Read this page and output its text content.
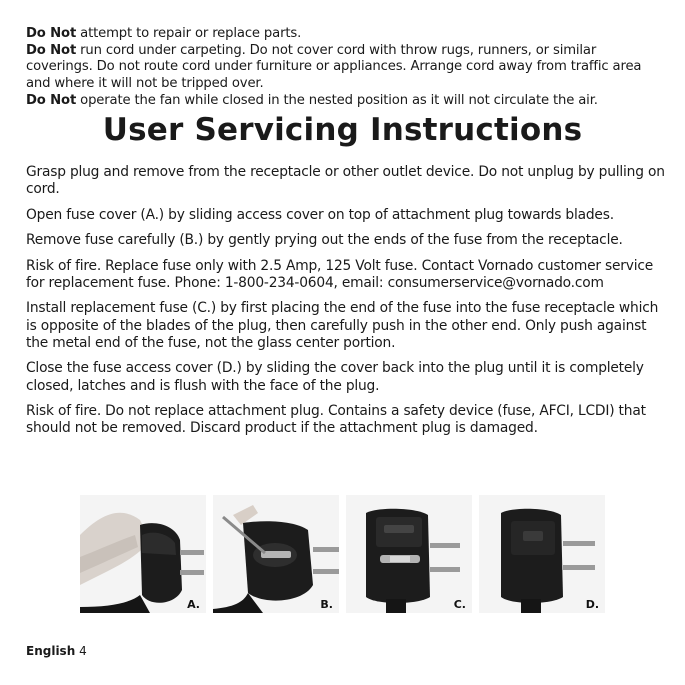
Do Not attempt to repair or replace parts.

Do Not run cord under carpeting. Do not cover cord with throw rugs, runners, or similar coverings. Do not route cord under furniture or appliances. Arrange cord away from traffic area and where it will not be tripped over.

Do Not operate the fan while closed in the nested position as it will not circulate the air.

User Servicing Instructions

Grasp plug and remove from the receptacle or other outlet device. Do not unplug by pulling on cord.

Open fuse cover (A.) by sliding access cover on top of attachment plug towards blades.

Remove fuse carefully (B.) by gently prying out the ends of the fuse from the receptacle.

Risk of fire. Replace fuse only with 2.5 Amp, 125 Volt fuse. Contact Vornado customer service for replacement fuse. Phone: 1-800-234-0604, email: consumerservice@vornado.com

Install replacement fuse (C.) by first placing the end of the fuse into the fuse receptacle which is opposite of the blades of the plug, then carefully push in the other end. Only push against the metal end of the fuse, not the glass center portion.

Close the fuse access cover (D.) by sliding the cover back into the plug until it is completely closed, latches and is flush with the face of the plug.

Risk of fire. Do not replace attachment plug. Contains a safety device (fuse, AFCI, LCDI) that should not be removed. Discard product if the attachment plug is damaged.

A.	B.	C.	D.
English 4
